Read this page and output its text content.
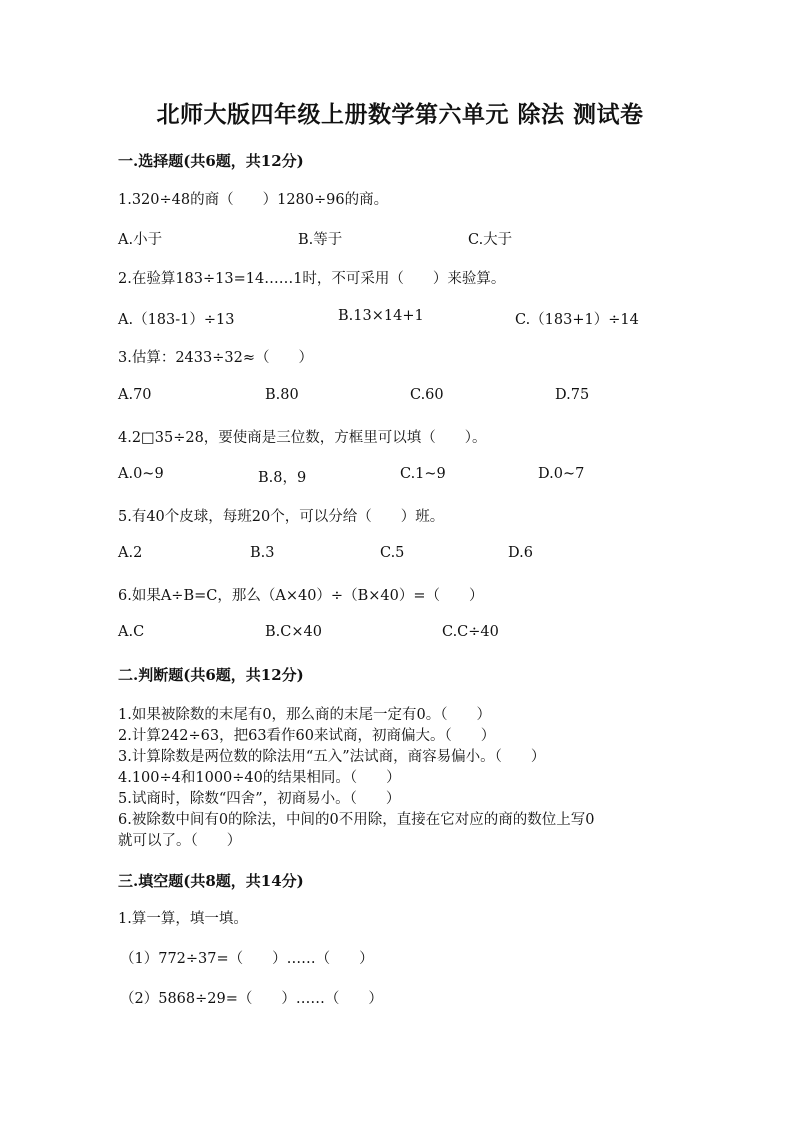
北师大版四年级上册数学第六单元 除法 测试卷
一.选择题(共6题，共12分)
1.320÷48的商（　　）1280÷96的商。
A.小于	B.等于	C.大于
2.在验算183÷13=14……1时，不可采用（　　）来验算。
A.（183-1）÷13	B.13×14+1	C.（183+1）÷14
3.估算：2433÷32≈（　　）
A.70	B.80	C.60	D.75
4.2□35÷28，要使商是三位数，方框里可以填（　　）。
A.0~9	B.8，9	C.1~9	D.0~7
5.有40个皮球，每班20个，可以分给（　　）班。
A.2	B.3	C.5	D.6
6.如果A÷B=C，那么（A×40）÷（B×40）=（　　）
A.C	B.C×40	C.C÷40
二.判断题(共6题，共12分)
1.如果被除数的末尾有0，那么商的末尾一定有0。（　　）
2.计算242÷63，把63看作60来试商，初商偏大。（　　）
3.计算除数是两位数的除法用“五入”法试商，商容易偏小。（　　）
4.100÷4和1000÷40的结果相同。（　　）
5.试商时，除数“四舍”，初商易小。（　　）
6.被除数中间有0的除法，中间的0不用除，直接在它对应的商的数位上写0
就可以了。（　　）
三.填空题(共8题，共14分)
1.算一算，填一填。
（1）772÷37=（　　）……（　　）
（2）5868÷29=（　　）……（　　）
